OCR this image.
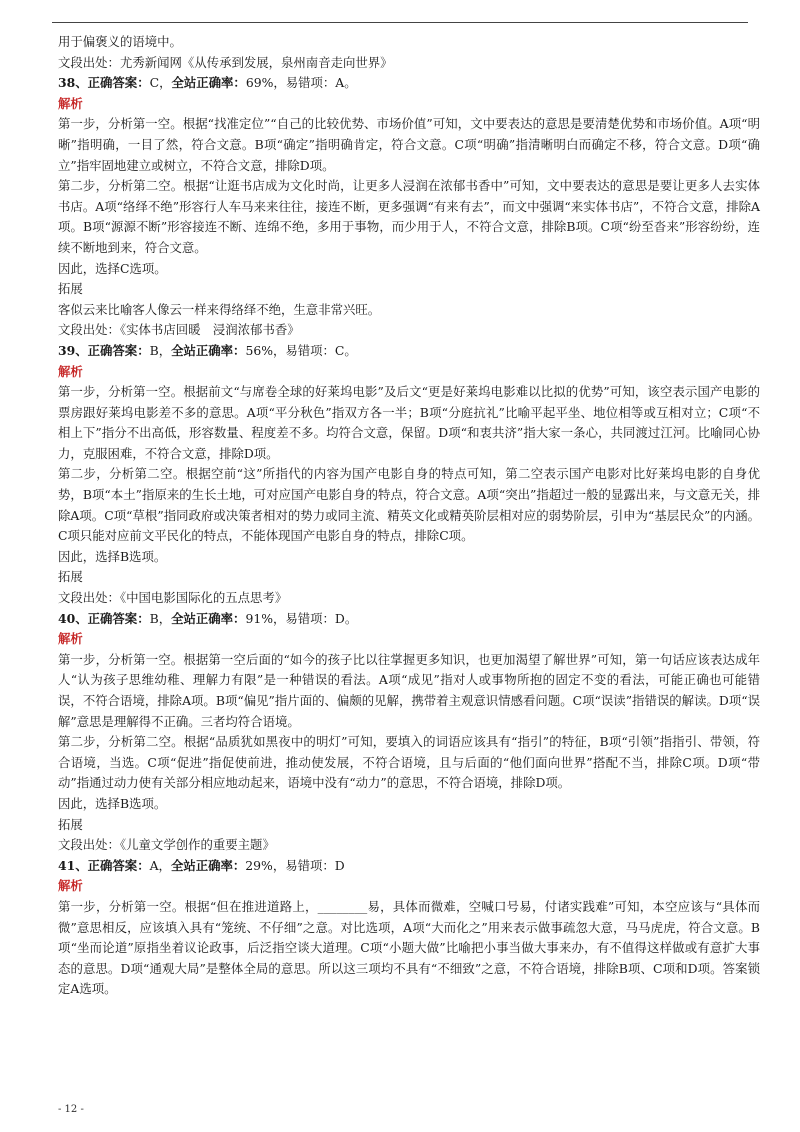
用于偏褒义的语境中。

文段出处：尤秀新闻网《从传承到发展，泉州南音走向世界》

38、正确答案：C，全站正确率：69%，易错项：A。

解析

第一步，分析第一空。根据“找准定位”“自己的比较优势、市场价值”可知，文中要表达的意思是要清楚优势和市场价值。A项“明晰”指明确，一目了然，符合文意。B项“确定”指明确肯定，符合文意。C项“明确”指清晰明白而确定不移，符合文意。D项“确立”指牢固地建立或树立，不符合文意，排除D项。

第二步，分析第二空。根据“让逛书店成为文化时尚，让更多人浸润在浓郁书香中”可知，文中要表达的意思是要让更多人去实体书店。A项“络绎不绝”形容行人车马来来往往，接连不断，更多强调“有来有去”，而文中强调“来实体书店”，不符合文意，排除A项。B项“源源不断”形容接连不断、连绵不绝，多用于事物，而少用于人，不符合文意，排除B项。C项“纷至沓来”形容纷纷，连续不断地到来，符合文意。

因此，选择C选项。

拓展

客似云来比喻客人像云一样来得络绎不绝，生意非常兴旺。

文段出处：《实体书店回暖　浸润浓郁书香》

39、正确答案：B，全站正确率：56%，易错项：C。

解析

第一步，分析第一空。根据前文“与席卷全球的好莱坞电影”及后文“更是好莱坞电影难以比拟的优势”可知，该空表示国产电影的票房跟好莱坞电影差不多的意思。A项“平分秋色”指双方各一半；B项“分庭抗礼”比喻平起平坐、地位相等或互相对立；C项“不相上下”指分不出高低，形容数量、程度差不多。均符合文意，保留。D项“和衷共济”指大家一条心，共同渡过江河。比喻同心协力，克服困难，不符合文意，排除D项。

第二步，分析第二空。根据空前“这”所指代的内容为国产电影自身的特点可知，第二空表示国产电影对比好莱坞电影的自身优势，B项“本土”指原来的生长土地，可对应国产电影自身的特点，符合文意。A项“突出”指超过一般的显露出来，与文意无关，排除A项。C项“草根”指同政府或决策者相对的势力或同主流、精英文化或精英阶层相对应的弱势阶层，引申为“基层民众”的内涵。C项只能对应前文平民化的特点，不能体现国产电影自身的特点，排除C项。

因此，选择B选项。

拓展

文段出处：《中国电影国际化的五点思考》

40、正确答案：B，全站正确率：91%，易错项：D。

解析

第一步，分析第一空。根据第一空后面的“如今的孩子比以往掌握更多知识，也更加渴望了解世界”可知，第一句话应该表达成年人“认为孩子思维幼稚、理解力有限”是一种错误的看法。A项“成见”指对人或事物所抱的固定不变的看法，可能正确也可能错误，不符合语境，排除A项。B项“偏见”指片面的、偏颇的见解，携带着主观意识情感看问题。C项“误读”指错误的解读。D项“误解”意思是理解得不正确。三者均符合语境。

第二步，分析第二空。根据“品质犹如黑夜中的明灯”可知，要填入的词语应该具有“指引”的特征，B项“引领”指指引、带领，符合语境，当选。C项“促进”指促使前进，推动使发展，不符合语境，且与后面的“他们面向世界”搭配不当，排除C项。D项“带动”指通过动力使有关部分相应地动起来，语境中没有“动力”的意思，不符合语境，排除D项。

因此，选择B选项。

拓展

文段出处：《儿童文学创作的重要主题》

41、正确答案：A，全站正确率：29%，易错项：D

解析

第一步，分析第一空。根据“但在推进道路上，________易，具体而微难，空喊口号易，付诸实践难”可知，本空应该与“具体而微”意思相反，应该填入具有“笼统、不仔细”之意。对比选项，A项“大而化之”用来表示做事疏忽大意，马马虎虎，符合文意。B项“坐而论道”原指坐着议论政事，后泛指空谈大道理。C项“小题大做”比喻把小事当做大事来办，有不值得这样做或有意扩大事态的意思。D项“通观大局”是整体全局的意思。所以这三项均不具有“不细致”之意，不符合语境，排除B项、C项和D项。答案锁定A选项。

- 12 -
